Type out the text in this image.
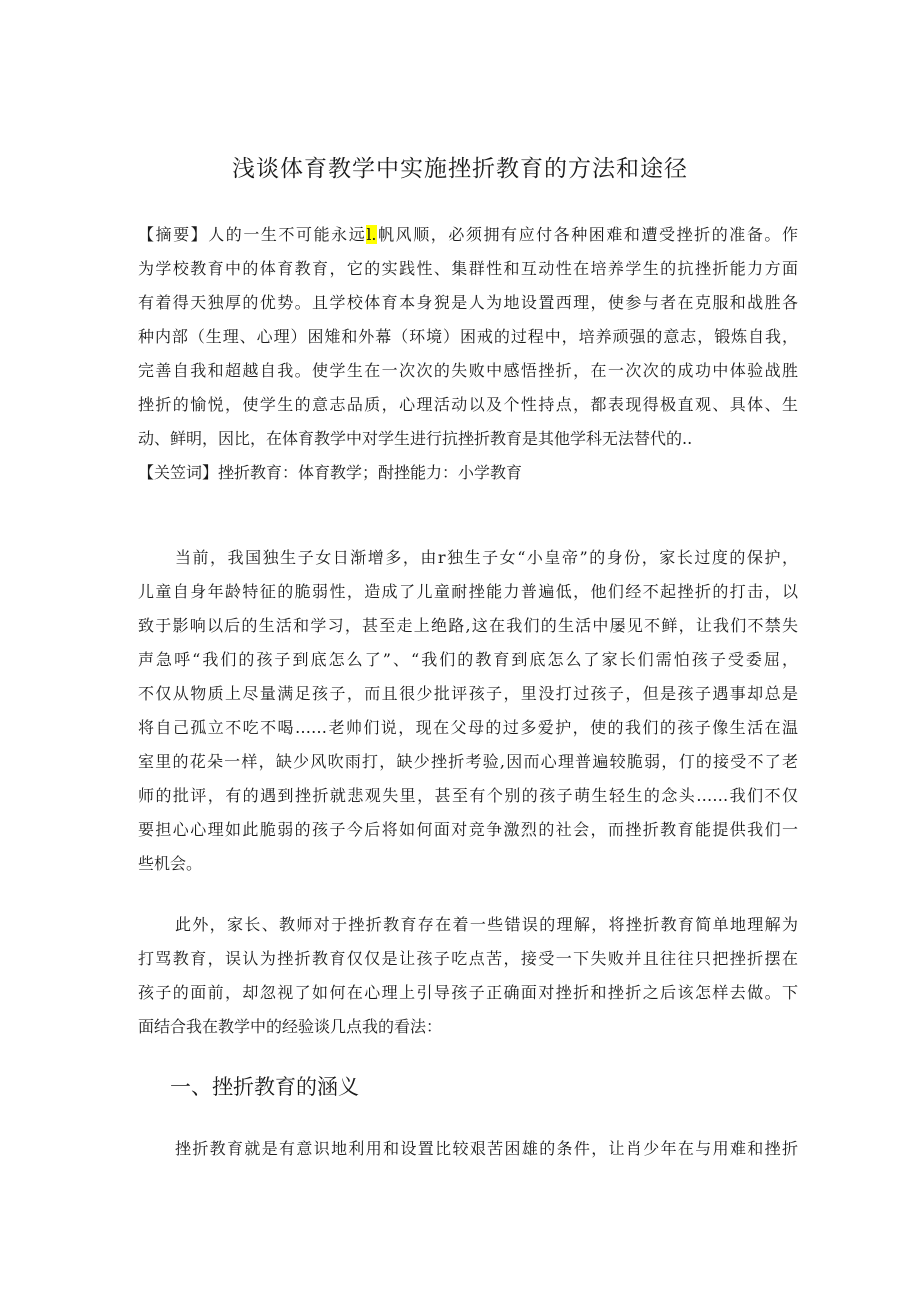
浅谈体育教学中实施挫折教育的方法和途径
【摘要】人的一生不可能永远l.帆风顺，必须拥有应付各种困难和遭受挫折的准备。作
为学校教育中的体育教育，它的实践性、集群性和互动性在培养学生的抗挫折能力方面
有着得天独厚的优势。且学校体育本身猊是人为地设置西理，使参与者在克服和战胜各
种内部（生理、心理）困雉和外幕（环境）困戒的过程中，培养顽强的意志，锻炼自我，
完善自我和超越自我。使学生在一次次的失败中感悟挫折，在一次次的成功中体验战胜
挫折的愉悦，使学生的意志品质，心理活动以及个性持点，都表现得极直观、具体、生
动、鲜明，因比，在体育教学中对学生进行抗挫折教育是其他学科无法替代的..
【关笠词】挫折教育：体育教学；酎挫能力：小学教育
当前，我国独生子女日渐增多，由r独生子女“小皇帝”的身份，家长过度的保护，
儿童自身年龄特征的脆弱性，造成了儿童耐挫能力普遍低，他们经不起挫折的打击，以
致于影响以后的生活和学习，甚至走上绝路,这在我们的生活中屡见不鲜，让我们不禁失
声急呼“我们的孩子到底怎么了”、“我们的教育到底怎么了家长们需怕孩子受委屈，
不仅从物质上尽量满足孩子，而且很少批评孩子，里没打过孩子，但是孩子遇事却总是
将自己孤立不吃不喝……老帅们说，现在父母的过多爱护，使的我们的孩子像生活在温
室里的花朵一样，缺少风吹雨打，缺少挫折考验,因而心理普遍较脆弱，仃的接受不了老
师的批评，有的遇到挫折就悲观失里，甚至有个别的孩子萌生轻生的念头……我们不仅
要担心心理如此脆弱的孩子今后将如何面对竞争激烈的社会，而挫折教育能提供我们一
些机会。
此外，家长、教师对于挫折教育存在着一些错误的理解，将挫折教育简单地理解为
打骂教育，误认为挫折教育仅仅是让孩子吃点苦，接受一下失败并且往往只把挫折摆在
孩子的面前，却忽视了如何在心理上引导孩子正确面对挫折和挫折之后该怎样去做。下
面结合我在教学中的经验谈几点我的看法：
一、挫折教育的涵义
挫折教育就是有意识地利用和设置比较艰苦困雄的条件，让肖少年在与用难和挫折
